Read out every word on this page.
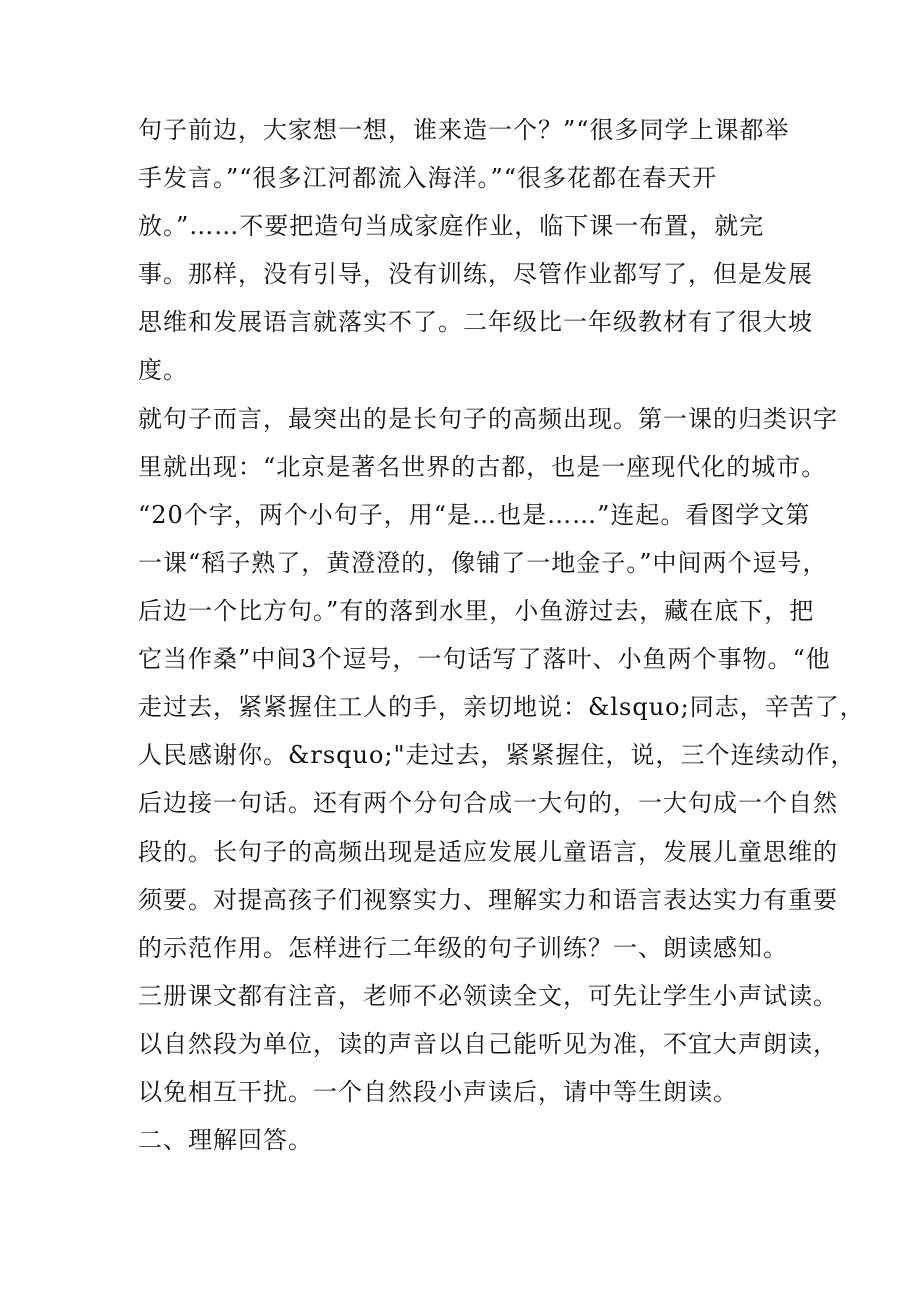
句子前边，大家想一想，谁来造一个？”“很多同学上课都举
手发言。”“很多江河都流入海洋。”“很多花都在春天开
放。”……不要把造句当成家庭作业，临下课一布置，就完
事。那样，没有引导，没有训练，尽管作业都写了，但是发展
思维和发展语言就落实不了。二年级比一年级教材有了很大坡
度。
就句子而言，最突出的是长句子的高频出现。第一课的归类识字
里就出现：“北京是著名世界的古都，也是一座现代化的城市。
“20个字，两个小句子，用“是…也是……”连起。看图学文第
一课“稻子熟了，黄澄澄的，像铺了一地金子。”中间两个逗号，
后边一个比方句。”有的落到水里，小鱼游过去，藏在底下，把
它当作桑”中间3个逗号，一句话写了落叶、小鱼两个事物。“他
走过去，紧紧握住工人的手，亲切地说：&lsquo;同志，辛苦了，
人民感谢你。&rsquo;"走过去，紧紧握住，说，三个连续动作，
后边接一句话。还有两个分句合成一大句的，一大句成一个自然
段的。长句子的高频出现是适应发展儿童语言，发展儿童思维的
须要。对提高孩子们视察实力、理解实力和语言表达实力有重要
的示范作用。怎样进行二年级的句子训练？一、朗读感知。
三册课文都有注音，老师不必领读全文，可先让学生小声试读。
以自然段为单位，读的声音以自己能听见为准，不宜大声朗读，
以免相互干扰。一个自然段小声读后，请中等生朗读。
二、理解回答。
